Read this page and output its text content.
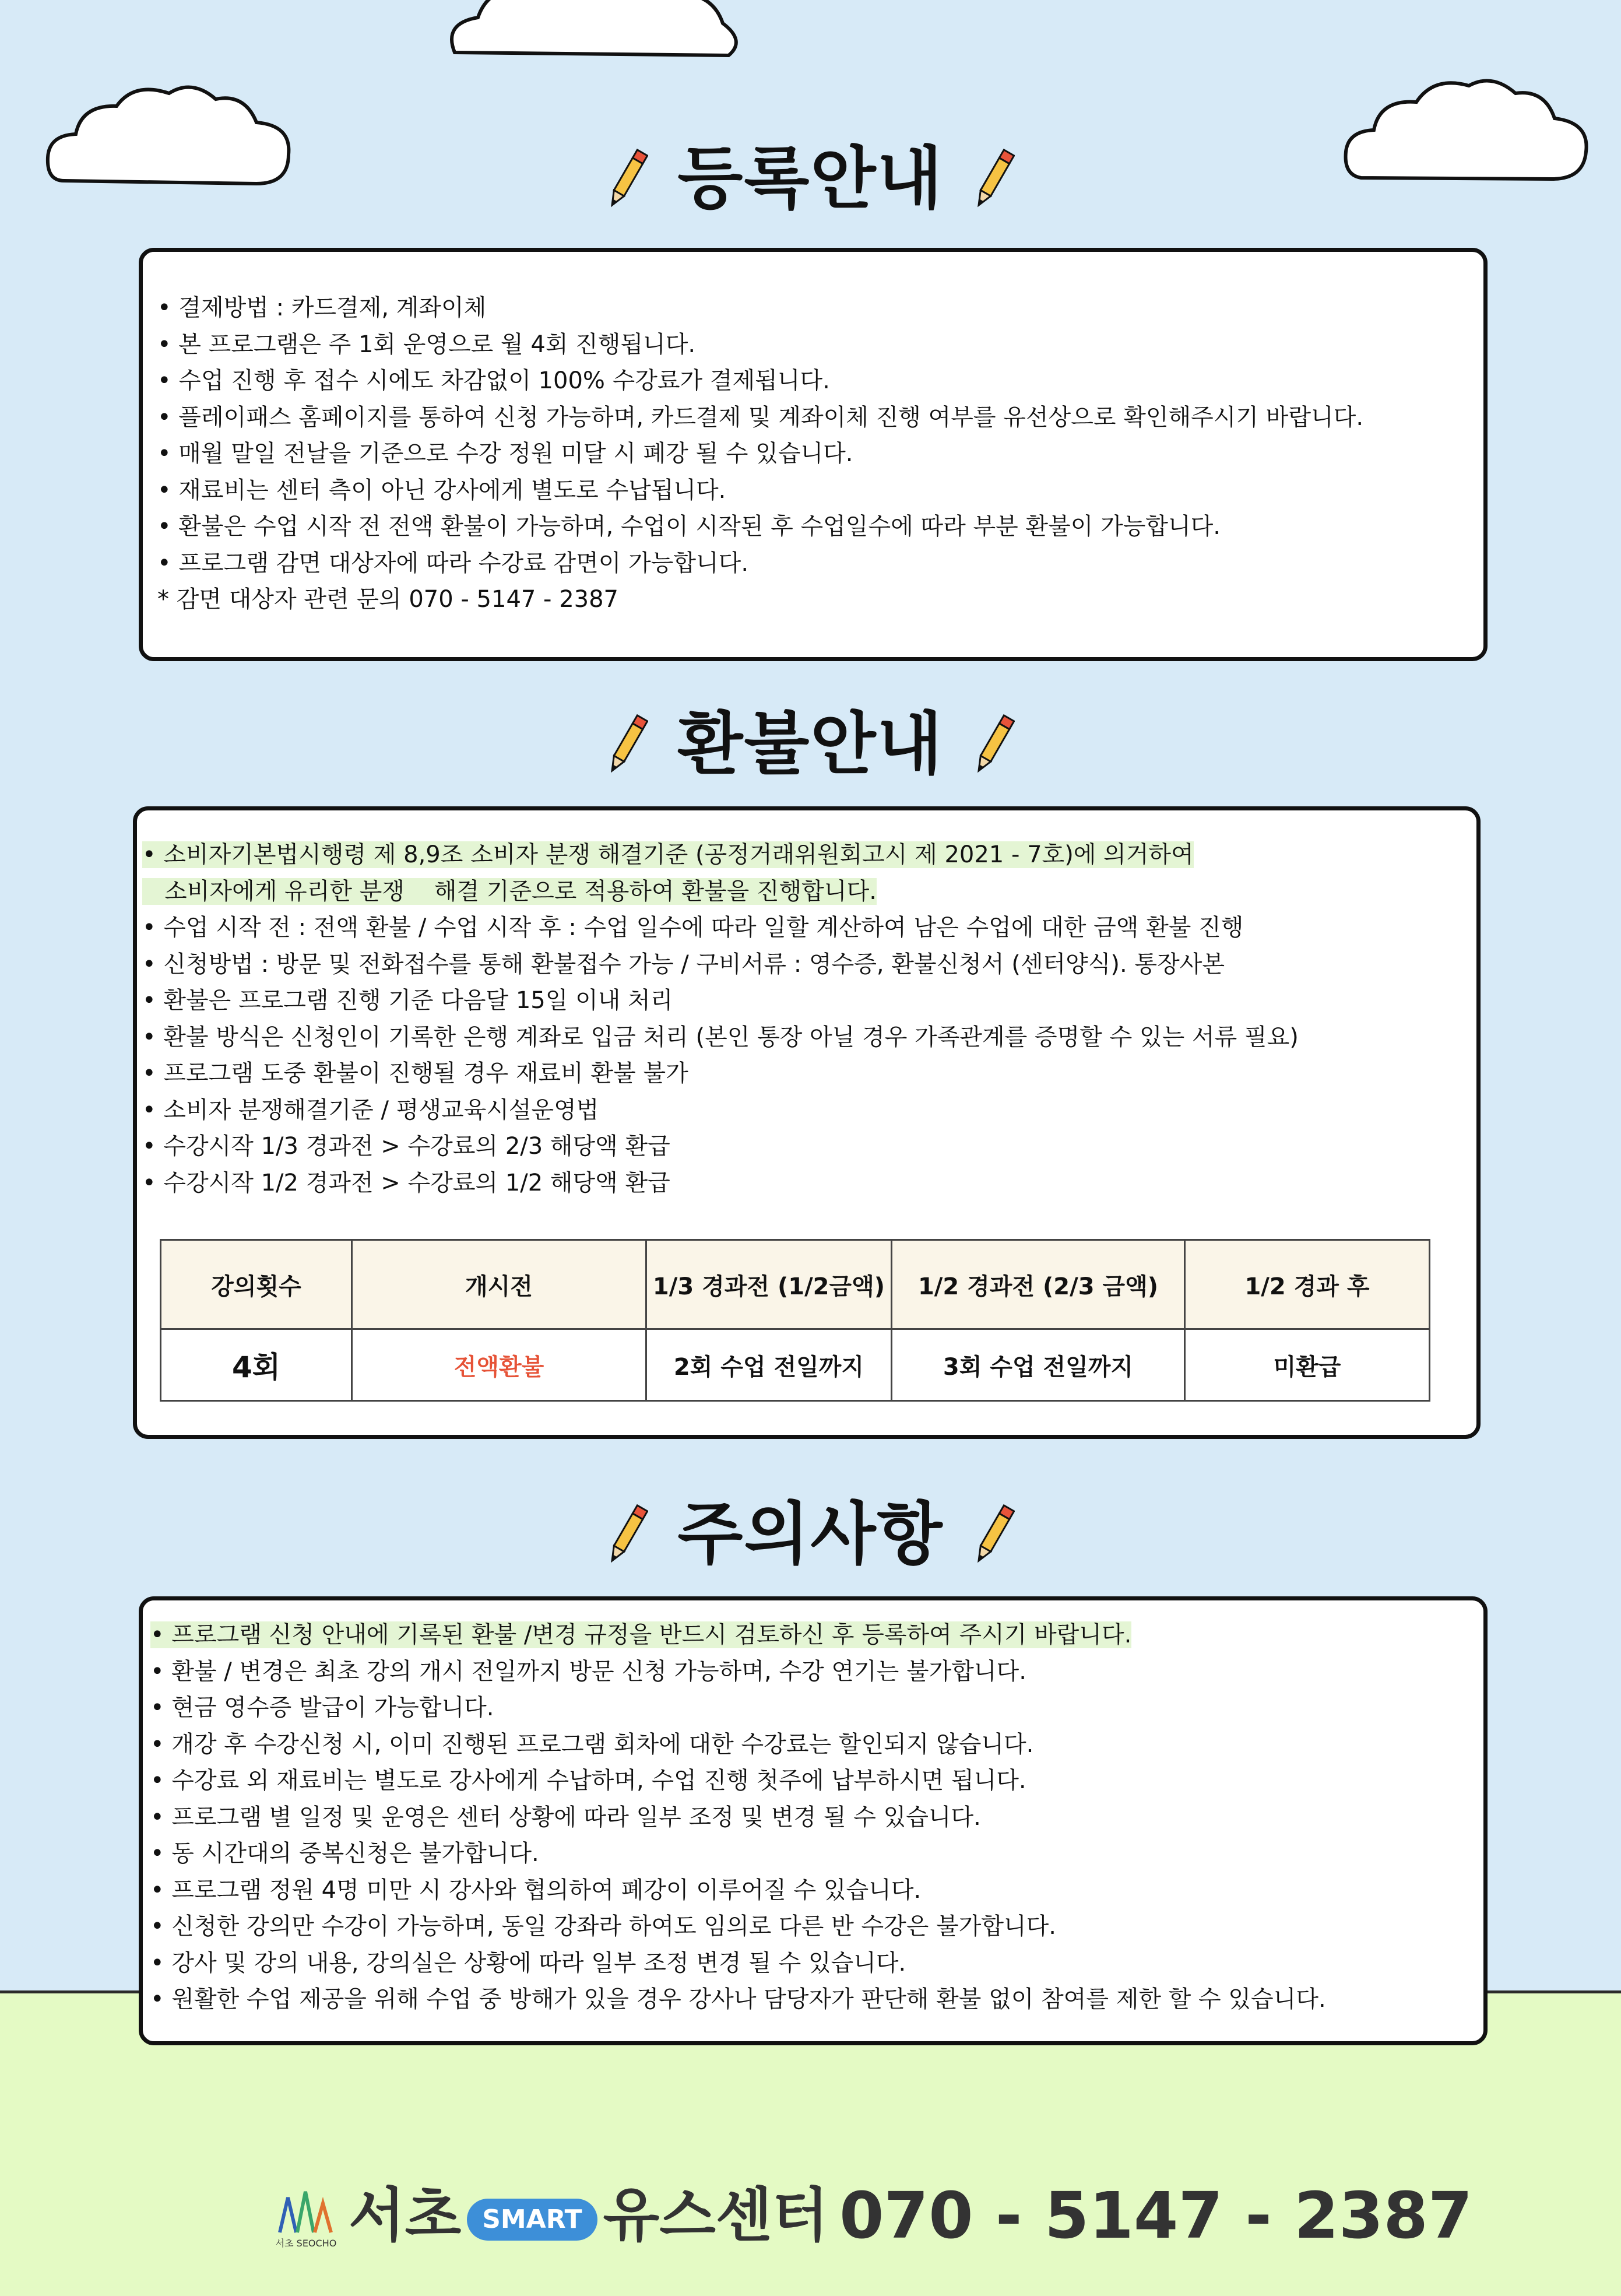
등록안내
• 결제방법 : 카드결제, 계좌이체
• 본 프로그램은 주 1회 운영으로 월 4회 진행됩니다.
• 수업 진행 후 접수 시에도 차감없이 100% 수강료가 결제됩니다.
• 플레이패스 홈페이지를 통하여 신청 가능하며, 카드결제 및 계좌이체 진행 여부를 유선상으로 확인해주시기 바랍니다.
• 매월 말일 전날을 기준으로 수강 정원 미달 시 폐강 될 수 있습니다.
• 재료비는 센터 측이 아닌 강사에게 별도로 수납됩니다.
• 환불은 수업 시작 전 전액 환불이 가능하며, 수업이 시작된 후 수업일수에 따라 부분 환불이 가능합니다.
• 프로그램 감면 대상자에 따라 수강료 감면이 가능합니다.
* 감면 대상자 관련 문의 070 - 5147 - 2387
환불안내
• 소비자기본법시행령 제 8,9조 소비자 분쟁 해결기준 (공정거래위원회고시 제 2021 - 7호)에 의거하여
소비자에게 유리한 분쟁    해결 기준으로 적용하여 환불을 진행합니다.
• 수업 시작 전 : 전액 환불 / 수업 시작 후 : 수업 일수에 따라 일할 계산하여 남은 수업에 대한 금액 환불 진행
• 신청방법 : 방문 및 전화접수를 통해 환불접수 가능 / 구비서류 : 영수증, 환불신청서 (센터양식). 통장사본
• 환불은 프로그램 진행 기준 다음달 15일 이내 처리
• 환불 방식은 신청인이 기록한 은행 계좌로 입금 처리 (본인 통장 아닐 경우 가족관계를 증명할 수 있는 서류 필요)
• 프로그램 도중 환불이 진행될 경우 재료비 환불 불가
• 소비자 분쟁해결기준 / 평생교육시설운영법
• 수강시작 1/3 경과전 > 수강료의 2/3 해당액 환급
• 수강시작 1/2 경과전 > 수강료의 1/2 해당액 환급
강의횟수	개시전	1/3 경과전 (1/2금액)	1/2 경과전 (2/3 금액)	1/2 경과 후
4회	전액환불	2회 수업 전일까지	3회 수업 전일까지	미환급
주의사항
• 프로그램 신청 안내에 기록된 환불 /변경 규정을 반드시 검토하신 후 등록하여 주시기 바랍니다.
• 환불 / 변경은 최초 강의 개시 전일까지 방문 신청 가능하며, 수강 연기는 불가합니다.
• 현금 영수증 발급이 가능합니다.
• 개강 후 수강신청 시, 이미 진행된 프로그램 회차에 대한 수강료는 할인되지 않습니다.
• 수강료 외 재료비는 별도로 강사에게 수납하며, 수업 진행 첫주에 납부하시면 됩니다.
• 프로그램 별 일정 및 운영은 센터 상황에 따라 일부 조정 및 변경 될 수 있습니다.
• 동 시간대의 중복신청은 불가합니다.
• 프로그램 정원 4명 미만 시 강사와 협의하여 폐강이 이루어질 수 있습니다.
• 신청한 강의만 수강이 가능하며, 동일 강좌라 하여도 임의로 다른 반 수강은 불가합니다.
• 강사 및 강의 내용, 강의실은 상황에 따라 일부 조정 변경 될 수 있습니다.
• 원활한 수업 제공을 위해 수업 중 방해가 있을 경우 강사나 담당자가 판단해 환불 없이 참여를 제한 할 수 있습니다.
서초 SEOCHO 서초 SMART 유스센터 070 - 5147 - 2387
